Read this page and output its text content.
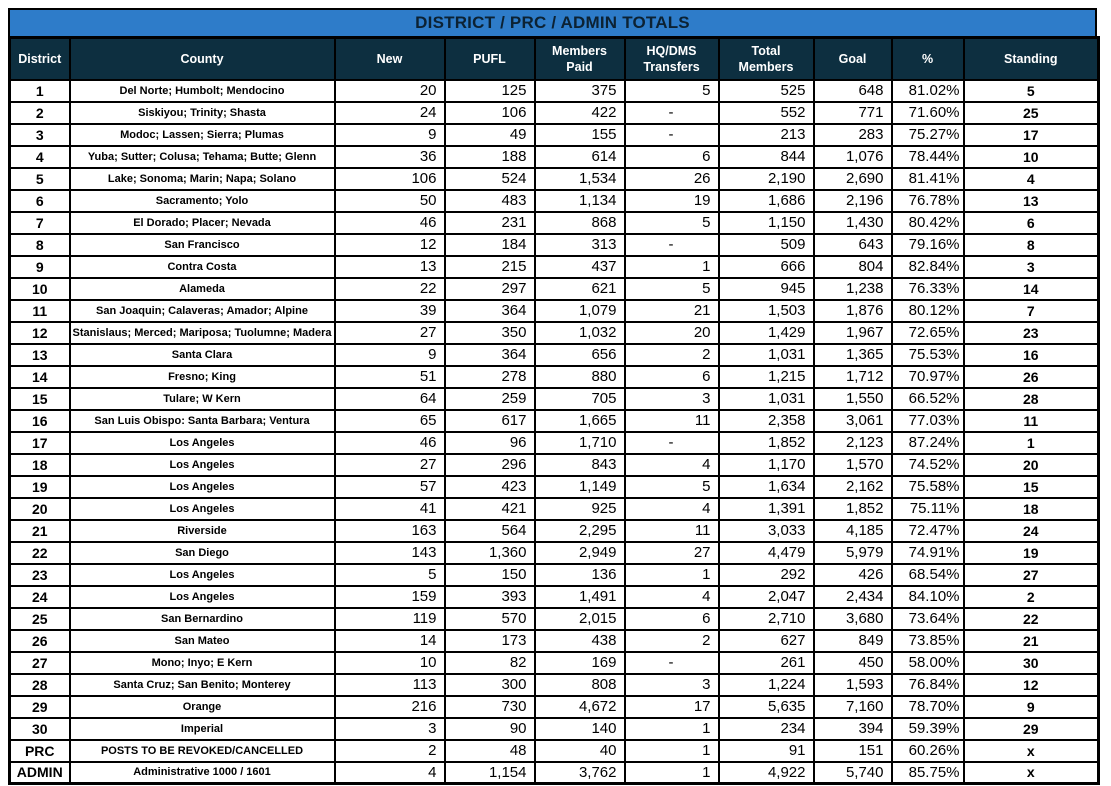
DISTRICT / PRC / ADMIN TOTALS
District	County	New	PUFL	Members Paid	HQ/DMS Transfers	Total Members	Goal	%	Standing
1	Del Norte; Humbolt; Mendocino	20	125	375	5	525	648	81.02%	5
2	Siskiyou; Trinity; Shasta	24	106	422	-	552	771	71.60%	25
3	Modoc; Lassen; Sierra; Plumas	9	49	155	-	213	283	75.27%	17
4	Yuba; Sutter; Colusa; Tehama; Butte; Glenn	36	188	614	6	844	1,076	78.44%	10
5	Lake; Sonoma; Marin; Napa; Solano	106	524	1,534	26	2,190	2,690	81.41%	4
6	Sacramento; Yolo	50	483	1,134	19	1,686	2,196	76.78%	13
7	El Dorado; Placer; Nevada	46	231	868	5	1,150	1,430	80.42%	6
8	San Francisco	12	184	313	-	509	643	79.16%	8
9	Contra Costa	13	215	437	1	666	804	82.84%	3
10	Alameda	22	297	621	5	945	1,238	76.33%	14
11	San Joaquin; Calaveras; Amador; Alpine	39	364	1,079	21	1,503	1,876	80.12%	7
12	Stanislaus; Merced; Mariposa; Tuolumne; Madera	27	350	1,032	20	1,429	1,967	72.65%	23
13	Santa Clara	9	364	656	2	1,031	1,365	75.53%	16
14	Fresno; King	51	278	880	6	1,215	1,712	70.97%	26
15	Tulare; W Kern	64	259	705	3	1,031	1,550	66.52%	28
16	San Luis Obispo: Santa Barbara; Ventura	65	617	1,665	11	2,358	3,061	77.03%	11
17	Los Angeles	46	96	1,710	-	1,852	2,123	87.24%	1
18	Los Angeles	27	296	843	4	1,170	1,570	74.52%	20
19	Los Angeles	57	423	1,149	5	1,634	2,162	75.58%	15
20	Los Angeles	41	421	925	4	1,391	1,852	75.11%	18
21	Riverside	163	564	2,295	11	3,033	4,185	72.47%	24
22	San Diego	143	1,360	2,949	27	4,479	5,979	74.91%	19
23	Los Angeles	5	150	136	1	292	426	68.54%	27
24	Los Angeles	159	393	1,491	4	2,047	2,434	84.10%	2
25	San Bernardino	119	570	2,015	6	2,710	3,680	73.64%	22
26	San Mateo	14	173	438	2	627	849	73.85%	21
27	Mono; Inyo; E Kern	10	82	169	-	261	450	58.00%	30
28	Santa Cruz; San Benito; Monterey	113	300	808	3	1,224	1,593	76.84%	12
29	Orange	216	730	4,672	17	5,635	7,160	78.70%	9
30	Imperial	3	90	140	1	234	394	59.39%	29
PRC	POSTS TO BE REVOKED/CANCELLED	2	48	40	1	91	151	60.26%	x
ADMIN	Administrative 1000 / 1601	4	1,154	3,762	1	4,922	5,740	85.75%	x
